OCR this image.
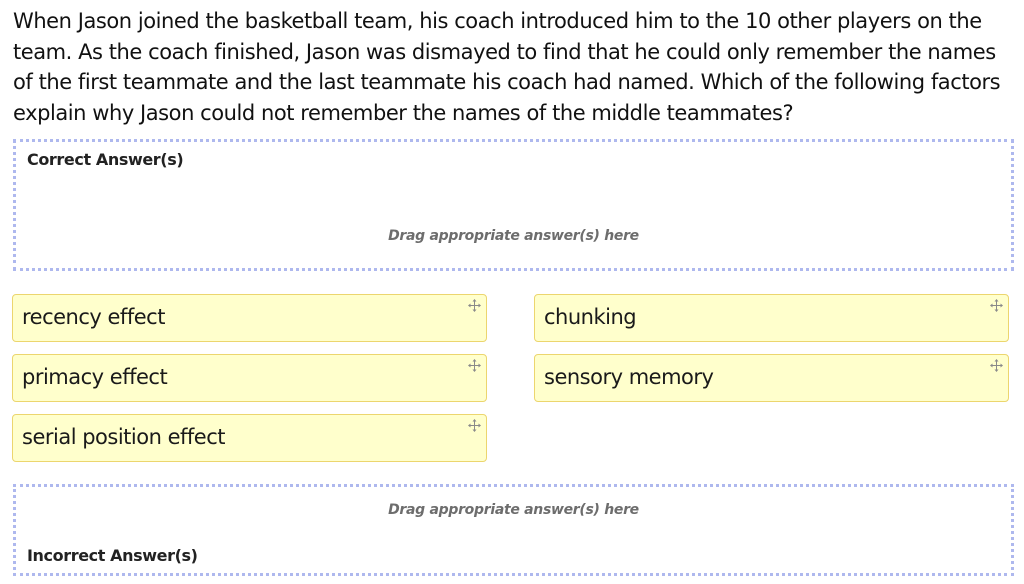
When Jason joined the basketball team, his coach introduced him to the 10 other players on the team. As the coach finished, Jason was dismayed to find that he could only remember the names of the first teammate and the last teammate his coach had named. Which of the following factors explain why Jason could not remember the names of the middle teammates?
Correct Answer(s)
Drag appropriate answer(s) here
recency effect
primacy effect
serial position effect
chunking
sensory memory
Drag appropriate answer(s) here
Incorrect Answer(s)
